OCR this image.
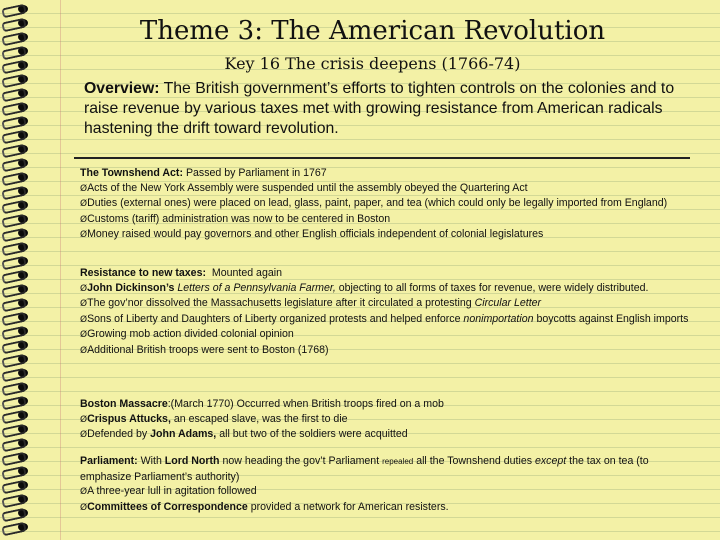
Theme 3: The American Revolution
Key 16 The crisis deepens (1766-74)
Overview: The British government’s efforts to tighten controls on the colonies and to raise revenue by various taxes met with growing resistance from American radicals hastening the drift toward revolution.

The Townshend Act: Passed by Parliament in 1767

ØActs of the New York Assembly were suspended until the assembly obeyed the Quartering Act

ØDuties (external ones) were placed on lead, glass, paint, paper, and tea (which could only be legally imported from England)

ØCustoms (tariff) administration was now to be centered in Boston

ØMoney raised would pay governors and other English officials independent of colonial legislatures

Resistance to new taxes: Mounted again

ØJohn Dickinson’s Letters of a Pennsylvania Farmer, objecting to all forms of taxes for revenue, were widely distributed.

ØThe gov’nor dissolved the Massachusetts legislature after it circulated a protesting Circular Letter

ØSons of Liberty and Daughters of Liberty organized protests and helped enforce nonimportation boycotts against English imports

ØGrowing mob action divided colonial opinion

ØAdditional British troops were sent to Boston (1768)

Boston Massacre:(March 1770) Occurred when British troops fired on a mob

ØCrispus Attucks, an escaped slave, was the first to die

ØDefended by John Adams, all but two of the soldiers were acquitted

Parliament: With Lord North now heading the gov’t Parliament repealed all the Townshend duties except the tax on tea (to emphasize Parliament’s authority)

ØA three-year lull in agitation followed

ØCommittees of Correspondence provided a network for American resisters.
